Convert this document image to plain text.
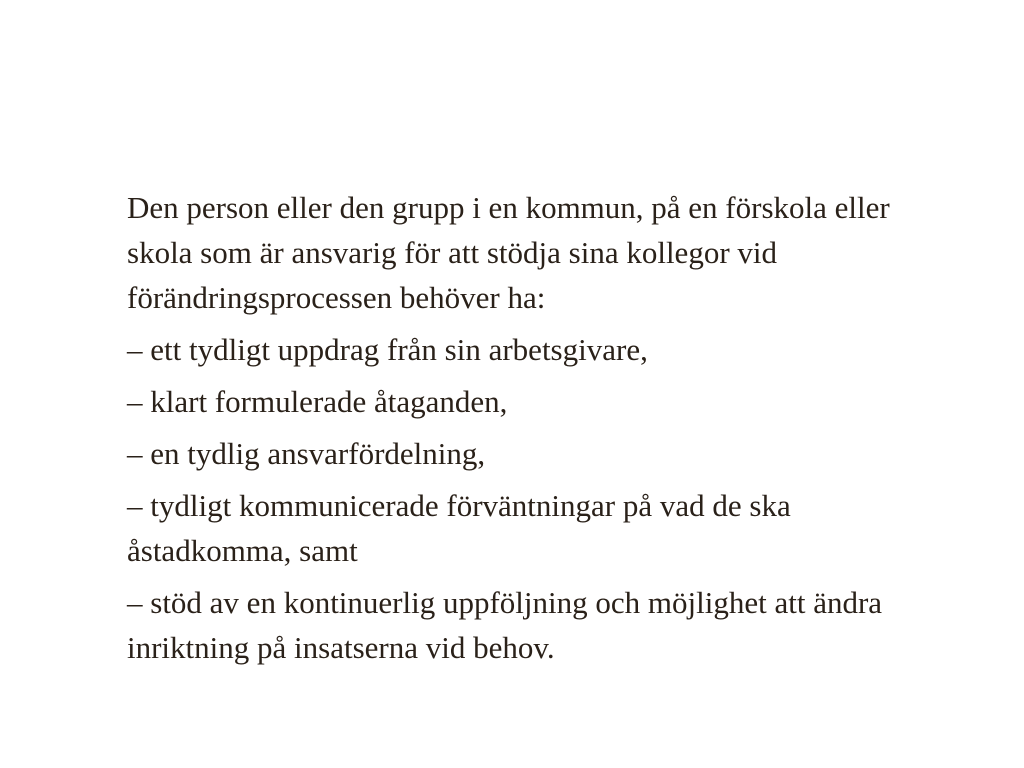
Den person eller den grupp i en kommun, på en förskola eller skola som är ansvarig för att stödja sina kollegor vid förändringsprocessen behöver ha:

– ett tydligt uppdrag från sin arbetsgivare,

– klart formulerade åtaganden,

– en tydlig ansvarfördelning,

– tydligt kommunicerade förväntningar på vad de ska åstadkomma, samt

– stöd av en kontinuerlig uppföljning och möjlighet att ändra inriktning på insatserna vid behov.
